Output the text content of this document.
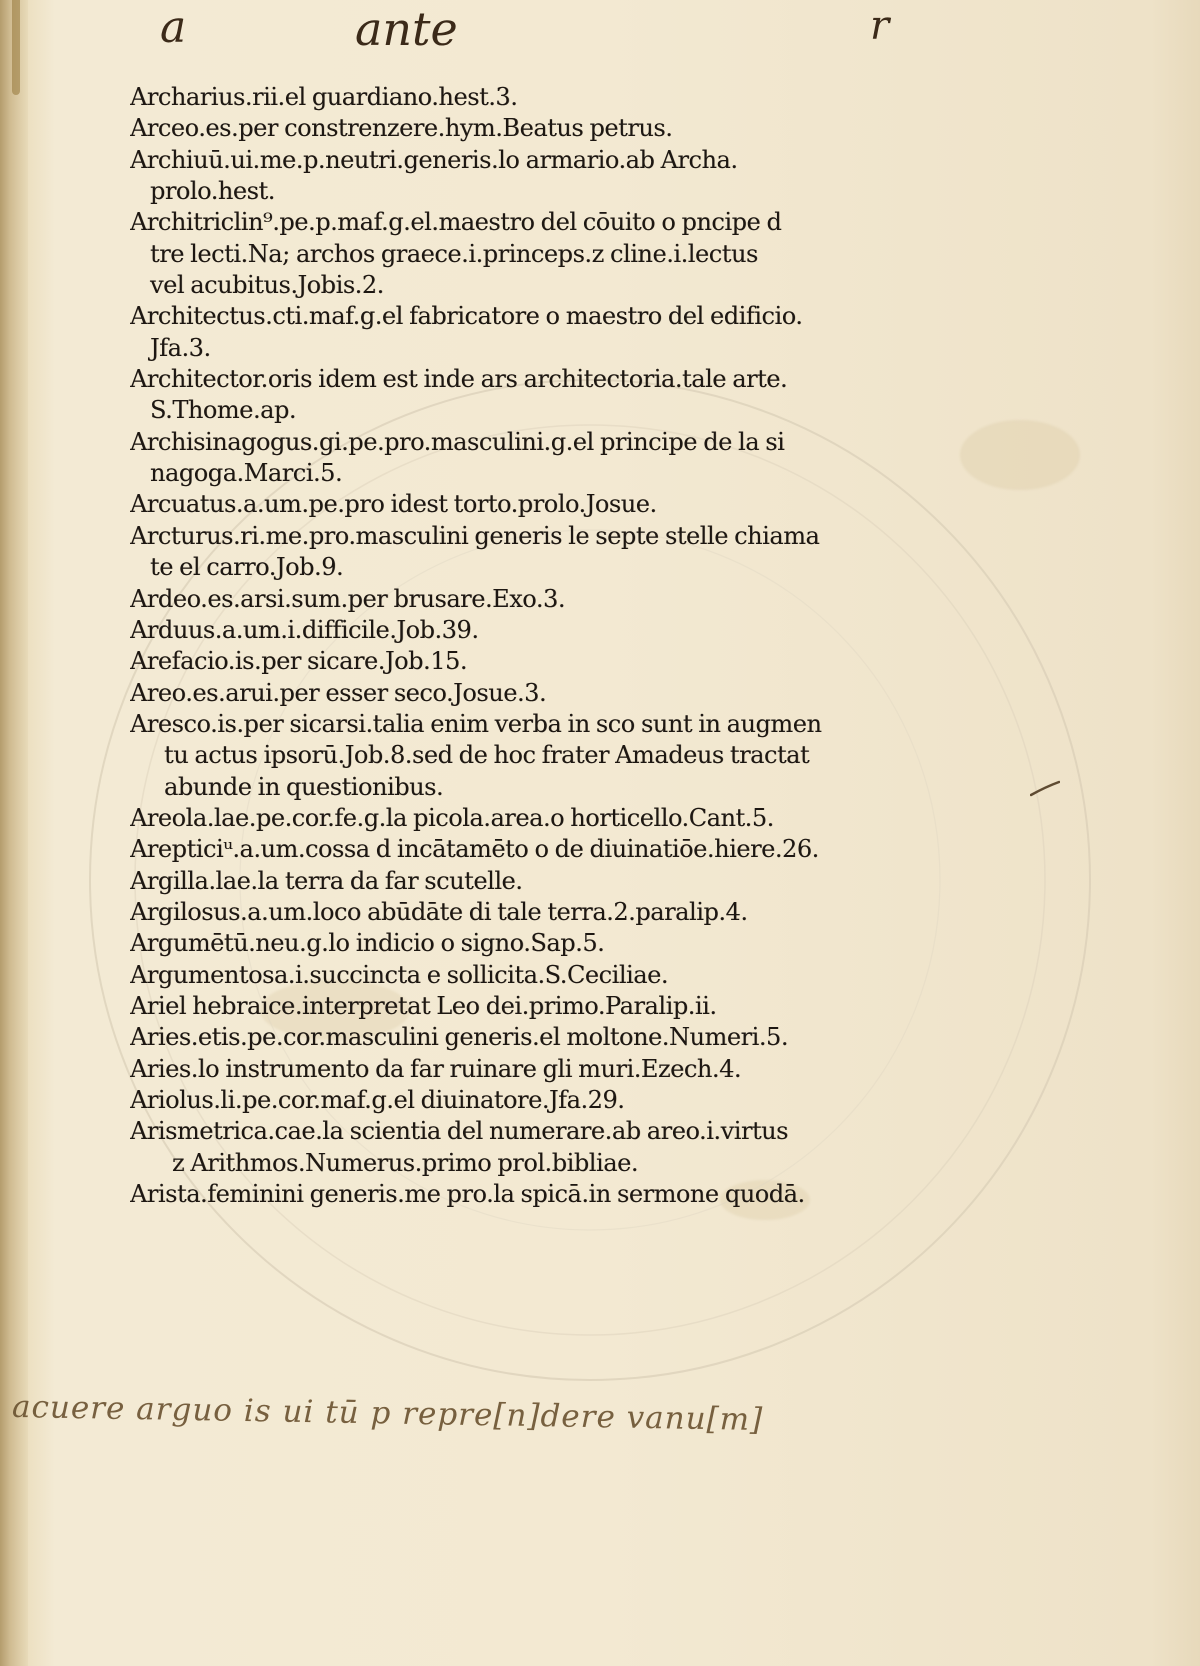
a	ante	r
Archarius.rii.el guardiano.hest.3.
Arceo.es.per constrenzere.hym.Beatus petrus.
Archiuū.ui.me.p.neutri.generis.lo armario.ab Archa.
prolo.hest.
Architriclin⁹.pe.p.maf.g.el.maestro del cōuito o pncipe d
tre lecti.Na; archos graece.i.princeps.z cline.i.lectus
vel acubitus.Jobis.2.
Architectus.cti.maf.g.el fabricatore o maestro del edificio.
Jfa.3.
Architector.oris idem est inde ars architectoria.tale arte.
S.Thome.ap.
Archisinagogus.gi.pe.pro.masculini.g.el principe de la si
nagoga.Marci.5.
Arcuatus.a.um.pe.pro idest torto.prolo.Josue.
Arcturus.ri.me.pro.masculini generis le septe stelle chiama
te el carro.Job.9.
Ardeo.es.arsi.sum.per brusare.Exo.3.
Arduus.a.um.i.difficile.Job.39.
Arefacio.is.per sicare.Job.15.
Areo.es.arui.per esser seco.Josue.3.
Aresco.is.per sicarsi.talia enim verba in sco sunt in augmen
tu actus ipsorū.Job.8.sed de hoc frater Amadeus tractat
abunde in questionibus.
Areola.lae.pe.cor.fe.g.la picola.area.o horticello.Cant.5.
Arepticiᵘ.a.um.cossa d incātamēto o de diuinatiōe.hiere.26.
Argilla.lae.la terra da far scutelle.
Argilosus.a.um.loco abūdāte di tale terra.2.paralip.4.
Argumētū.neu.g.lo indicio o signo.Sap.5.
Argumentosa.i.succincta e sollicita.S.Ceciliae.
Ariel hebraice.interpretat Leo dei.primo.Paralip.ii.
Aries.etis.pe.cor.masculini generis.el moltone.Numeri.5.
Aries.lo instrumento da far ruinare gli muri.Ezech.4.
Ariolus.li.pe.cor.maf.g.el diuinatore.Jfa.29.
Arismetrica.cae.la scientia del numerare.ab areo.i.virtus
z Arithmos.Numerus.primo prol.bibliae.
Arista.feminini generis.me pro.la spicā.in sermone quodā.
acuere arguo is ui tū p repre[n]dere vanu[m]
